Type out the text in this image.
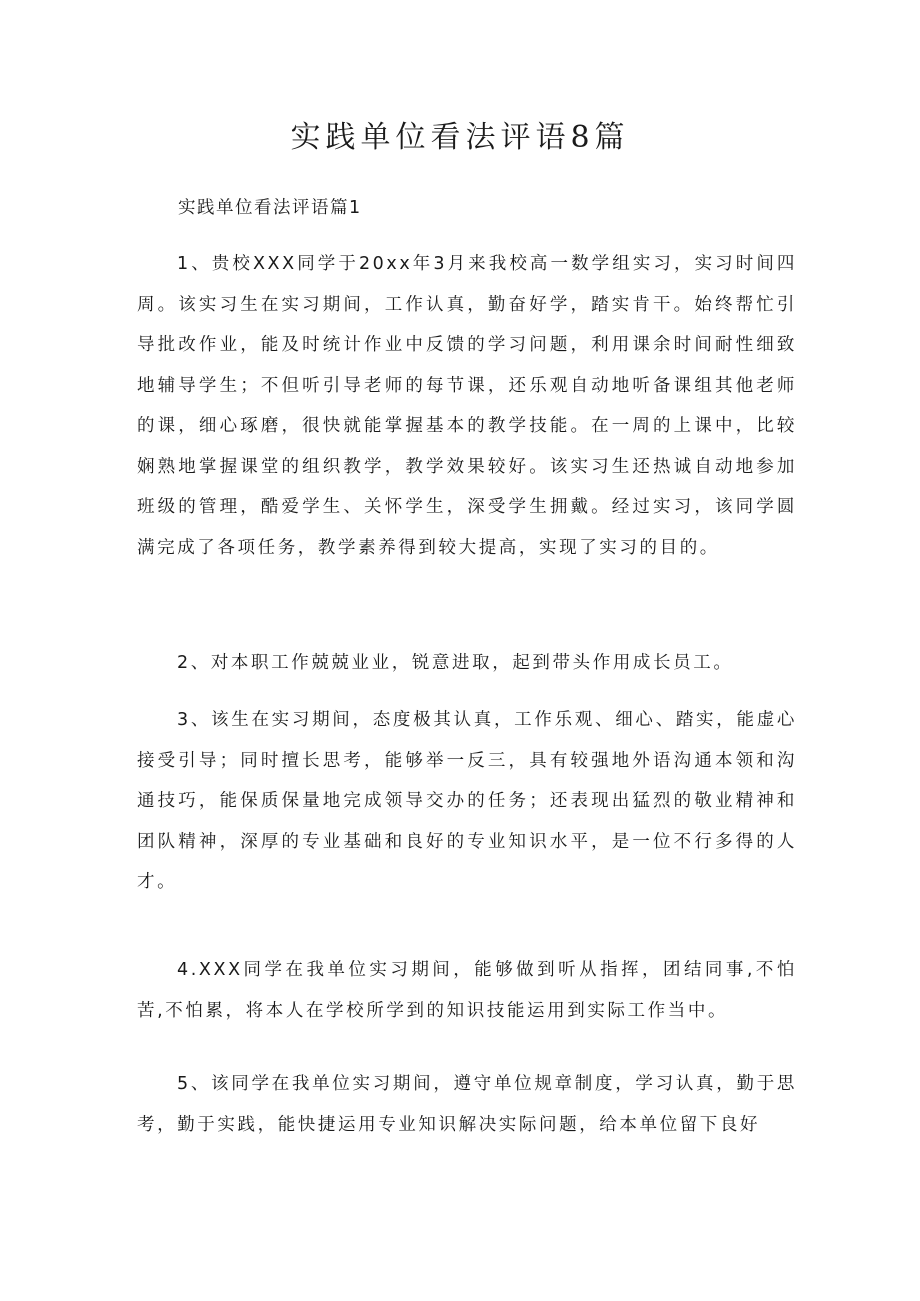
实践单位看法评语8篇

实践单位看法评语篇1

1、贵校XXX同学于20xx年3月来我校高一数学组实习，实习时间四周。该实习生在实习期间，工作认真，勤奋好学，踏实肯干。始终帮忙引导批改作业，能及时统计作业中反馈的学习问题，利用课余时间耐性细致地辅导学生；不但听引导老师的每节课，还乐观自动地听备课组其他老师的课，细心琢磨，很快就能掌握基本的教学技能。在一周的上课中，比较娴熟地掌握课堂的组织教学，教学效果较好。该实习生还热诚自动地参加班级的管理，酷爱学生、关怀学生，深受学生拥戴。经过实习，该同学圆满完成了各项任务，教学素养得到较大提高，实现了实习的目的。

2、对本职工作兢兢业业，锐意进取，起到带头作用成长员工。

3、该生在实习期间，态度极其认真，工作乐观、细心、踏实，能虚心接受引导；同时擅长思考，能够举一反三，具有较强地外语沟通本领和沟通技巧，能保质保量地完成领导交办的任务；还表现出猛烈的敬业精神和团队精神，深厚的专业基础和良好的专业知识水平，是一位不行多得的人才。

4.XXX同学在我单位实习期间，能够做到听从指挥，团结同事,不怕苦,不怕累，将本人在学校所学到的知识技能运用到实际工作当中。

5、该同学在我单位实习期间，遵守单位规章制度，学习认真，勤于思考，勤于实践，能快捷运用专业知识解决实际问题，给本单位留下良好
